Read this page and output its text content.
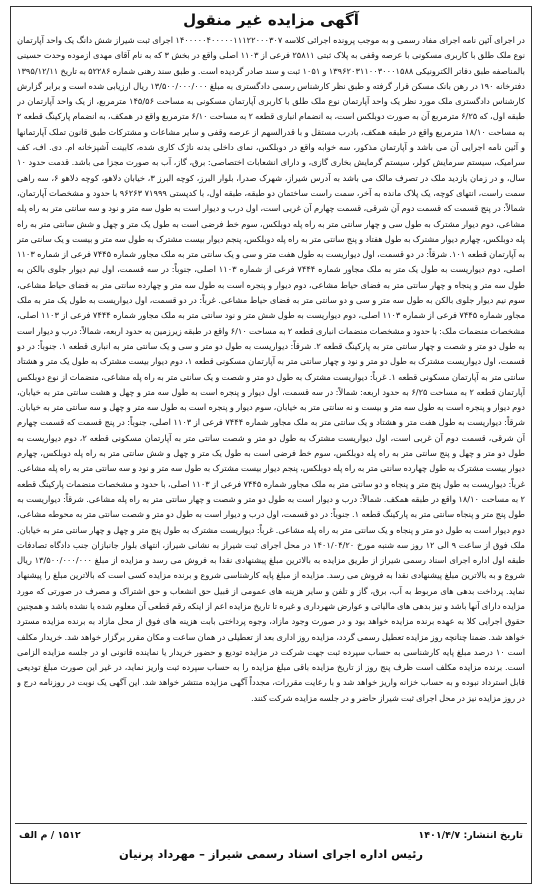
آگهی مزایده غیر منقول
در اجرای آئین نامه اجرای مفاد رسمی و به موجب پرونده اجرائی کلاسه ۱۴۰۰۰۰۰۴۰۰۰۰۰۱۱۱۲۲۰۰۰۳۰۷ اجرای ثبت شیراز شش دانگ یک واحد آپارتمان نوع ملک طلق با کاربری مسکونی با عرصه وقفی به پلاک ثبتی ۲۵۸۱۱ فرعی از ۱۱۰۳ اصلی واقع در بخش ۳ که به نام آقای مهدی ازموده وحدت حسینی بالمناصفه طبق دفاتر الکترونیکی ۱۳۹۶۲۰۳۱۱۰۰۳۰۰۰۱۵۸۸ و ۱۰۵۱ ثبت و سند صادر گردیده است. و طبق سند رهنی شماره ۵۲۲۸۶ به تاریخ ۱۳۹۵/۱۲/۱۱ دفترخانه ۱۹۰ در رهن بانک مسکن قرار گرفته و طبق نظر کارشناس رسمی دادگستری به مبلغ ۱۳/۵۰۰/۰۰۰/۰۰۰ ریال ارزیابی شده است و برابر گزارش کارشناس دادگستری ملک مورد نظر یک واحد آپارتمان نوع ملک طلق با کاربری آپارتمان مسکونی به مساحت ۱۴۵/۵۶ مترمربع، از یک واحد آپارتمان در طبقه اول، که ۶/۲۵ مترمربع آن به صورت دوبلکس است، به انضمام انباری قطعه ۲ به مساحت ۶/۱۰ مترمربع واقع در همکف، به انضمام پارکینگ قطعه ۲ به مساحت ۱۸/۱۰ مترمربع واقع در طبقه همکف، بادرب مستقل و با قدرالسهم از عرصه وقفی و سایر مشاعات و مشترکات طبق قانون تملک آپارتمانها و آئین نامه اجرایی آن می باشد و آپارتمان مذکور، سه خوابه واقع در دوبلکس، نمای داخلی بدنه ناژک کاری شده، کابینت آشپزخانه ام. دی. اف، کف سرامیک، سیستم سرمایش کولر، سیستم گرمایش بخاری گازی، و دارای انشعابات اختصاصی: برق، گاز، آب به صورت مجزا می باشد. قدمت حدود ۱۰ سال، و در زمان بازدید ملک در تصرف مالک می باشد به آدرس شیراز، شهرک صدرا، بلوار البرز، کوچه البرز ۳، خیابان دلاهو، کوچه دلاهو ۶، سه راهی سمت راست، انتهای کوچه، یک پلاک مانده به آخر، سمت راست ساختمان دو طبقه، طبقه اول، با کدپستی ۷۱۹۹۹ ۹۶۲۶۳ با حدود و مشخصات آپارتمان، شمالاً: در پنج قسمت که قسمت دوم آن شرقی، قسمت چهارم آن غربی است، اول درب و دیوار است به طول سه متر و نود و سه سانتی متر به راه پله مشاعی، دوم دیوار مشترک به طول سی و چهار سانتی متر به راه پله دوبلکس، سوم خط فرضی است به طول یک متر و چهل و شش سانتی متر به راه پله دوبلکس، چهارم دیوار مشترک به طول هفتاد و پنج سانتی متر به راه پله دوبلکس، پنجم دیوار بیست مشترک به طول سه متر و بیست و یک سانتی متر به آپارتمان قطعه ۱۰۱. شرقاً: در دو قسمت، اول دیواریست به طول هفت متر و سی و یک سانتی متر به ملک مجاور شماره ۷۴۴۵ فرعی از شماره ۱۱۰۳ اصلی، دوم دیواریست به طول یک متر به ملک مجاور شماره ۷۴۴۴ فرعی از شماره ۱۱۰۳ اصلی، جنوباً: در سه قسمت، اول نیم دیوار جلوی بالکن به طول سه متر و پنجاه و چهار سانتی متر به فضای حیاط مشاعی، دوم دیوار و پنجره است به طول سه متر و چهارده سانتی متر به فضای حیاط مشاعی، سوم نیم دیوار جلوی بالکن به طول سه متر و سی و دو سانتی متر به فضای حیاط مشاعی. غرباً: در دو قسمت، اول دیواریست به طول یک متر به ملک مجاور شماره ۷۴۴۵ فرعی از شماره ۱۱۰۳ اصلی، دوم دیواریست به طول شش متر و نود سانتی متر به ملک مجاور شماره ۷۴۴۴ فرعی از ۱۱۰۳ اصلی، مشخصات منضمات ملک: با حدود و مشخصات منضمات انباری قطعه ۲ به مساحت ۶/۱۰ واقع در طبقه زیرزمین به حدود اربعه، شمالاً: درب و دیوار است به طول دو متر و شصت و چهار سانتی متر به پارکینگ قطعه ۲. شرقاً: دیواریست به طول دو متر و سی و یک سانتی متر به انباری قطعه ۱. جنوباً: در دو قسمت، اول دیواریست مشترک به طول دو متر و نود و چهار سانتی متر به آپارتمان مسکونی قطعه ۱، دوم دیوار بیست مشترک به طول یک متر و هشتاد سانتی متر به آپارتمان مسکونی قطعه ۱. غرباً: دیواریست مشترک به طول دو متر و شصت و یک سانتی متر به راه پله مشاعی، منضمات از نوع دوبلکس آپارتمان قطعه ۲ به مساحت ۶/۲۵ به حدود اربعه: شمالاً: در سه قسمت، اول دیوار و پنجره است به طول سه متر و چهل و هشت سانتی متر به خیابان، دوم دیوار و پنجره است به طول سه متر و بیست و نه سانتی متر به خیابان، سوم دیوار و پنجره است به طول سه متر و چهل و سه سانتی متر به خیابان. شرقاً: دیواریست به طول هفت متر و هشتاد و یک سانتی متر به ملک مجاور شماره ۷۴۴۴ فرعی از ۱۱۰۳ اصلی، جنوباً: در پنج قسمت که قسمت چهارم آن شرقی، قسمت دوم آن غربی است، اول دیواریست مشترک به طول دو متر و شصت سانتی متر به آپارتمان مسکونی قطعه ۲، دوم دیواریست به طول دو متر و چهل و پنج سانتی متر به راه پله دوبلکس، سوم خط فرضی است به طول یک متر و چهل و شش سانتی متر به راه پله دوبلکس، چهارم دیوار بیست مشترک به طول چهارده سانتی متر به راه پله دوبلکس، پنجم دیوار بیست مشترک به طول سه متر و نود و سه سانتی متر به راه پله مشاعی. غرباً: دیواریست به طول پنج متر و پنجاه و دو سانتی متر به ملک مجاور شماره ۷۴۴۵ فرعی از ۱۱۰۳ اصلی، با حدود و مشخصات منضمات پارکینگ قطعه ۲ به مساحت ۱۸/۱۰ واقع در طبقه همکف. شمالاً: درب و دیوار است به طول دو متر و شصت و چهار سانتی متر به راه پله مشاعی. شرقاً: دیواریست به طول پنج متر و پنجاه سانتی متر به پارکینگ قطعه ۱. جنوباً: در دو قسمت، اول درب و دیوار است به طول دو متر و شصت سانتی متر به محوطه مشاعی، دوم دیوار است به طول دو متر و پنجاه و یک سانتی متر به راه پله مشاعی. غرباً: دیواریست مشترک به طول پنج متر و چهل و چهار سانتی متر به خیابان. ملک فوق از ساعت ۹ الی ۱۲ روز سه شنبه مورخ ۱۴۰۱/۰۴/۲۰ در محل اجرای ثبت شیراز به نشانی شیراز، انتهای بلوار جانبازان جنب دادگاه تصادفات طبقه اول اداره اجرای اسناد رسمی شیراز از طریق مزایده به بالاترین مبلغ پیشنهادی نقدا به فروش می رسد و مزایده از مبلغ ۱۳/۵۰۰/۰۰۰/۰۰۰ ریال شروع و به بالاترین مبلغ پیشنهادی نقدا به فروش می رسد. مزایده از مبلغ پایه کارشناسی شروع و برنده مزایده کسی است که بالاترین مبلغ را پیشنهاد نماید. پرداخت بدهی های مربوط به آب، برق، گاز و تلفن و سایر هزینه های عمومی از قبیل حق انشعاب و حق اشتراک و مصرف در صورتی که مورد مزایده دارای آنها باشد و نیز بدهی های مالیاتی و عوارض شهرداری و غیره تا تاریخ مزایده اعم از اینکه رقم قطعی آن معلوم شده یا نشده باشد و همچنین حقوق اجرایی کلا به عهده برنده مزایده خواهد بود و در صورت وجود مازاد، وجوه پرداختی بابت هزینه های فوق از محل مازاد به برنده مزایده مسترد خواهد شد. ضمنا چنانچه روز مزایده تعطیل رسمی گردد، مزایده روز اداری بعد از تعطیلی در همان ساعت و مکان مقرر برگزار خواهد شد. خریدار مکلف است ۱۰ درصد مبلغ پایه کارشناسی به حساب سپرده ثبت جهت شرکت در مزایده تودیع و حضور خریدار یا نماینده قانونی او در جلسه مزایده الزامی است. برنده مزایده مکلف است ظرف پنج روز از تاریخ مزایده باقی مبلغ مزایده را به حساب سپرده ثبت واریز نماید، در غیر این صورت مبلغ تودیعی قابل استرداد نبوده و به حساب خزانه واریز خواهد شد و با رعایت مقررات، مجدداً آگهی مزایده منتشر خواهد شد. این آگهی یک نوبت در روزنامه درج و در روز مزایده نیز در محل اجرای ثبت شیراز حاضر و در جلسه مزایده شرکت کنند.
تاریخ انتشار: ۱۴۰۱/۴/۷
۱۵۱۲ / م الف
رئیس اداره اجرای اسناد رسمی شیراز – مهرداد پرنیان
